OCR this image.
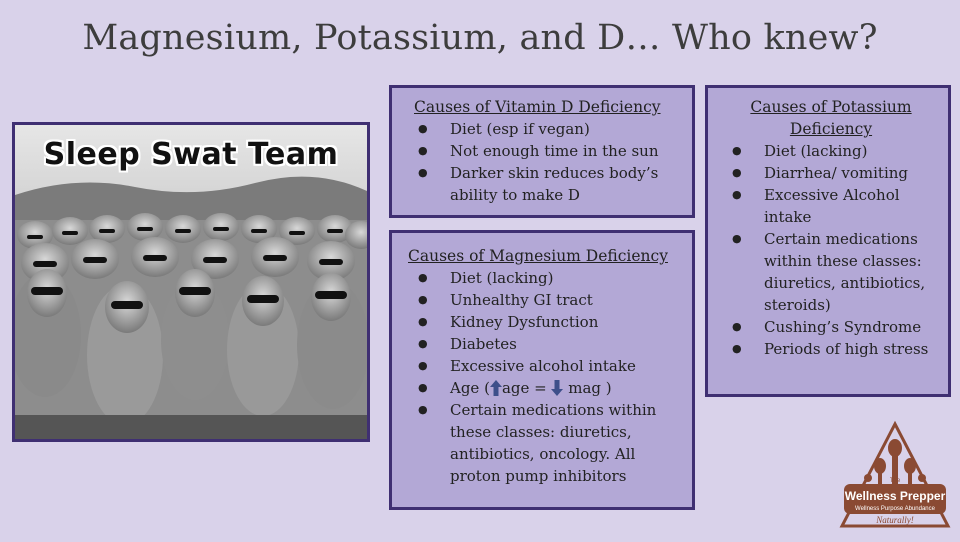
Magnesium, Potassium, and D… Who knew?
Sleep Swat Team
Causes of Vitamin D Deficiency
● Diet (esp if vegan)
● Not enough time in the sun
● Darker skin reduces body’s ability to make D
Causes of Magnesium Deficiency
● Diet (lacking)
● Unhealthy GI tract
● Kidney Dysfunction
● Diabetes
● Excessive alcohol intake
● Age ( age = mag )
● Certain medications within these classes: diuretics, antibiotics, oncology. All proton pump inhibitors
Causes of Potassium
Deficiency
● Diet (lacking)
● Diarrhea/ vomiting
● Excessive Alcohol intake
● Certain medications within these classes: diuretics, antibiotics, steroids)
● Cushing’s Syndrome
● Periods of high stress
The
Wellness Prepper
Wellness Purpose Abundance
Naturally!
